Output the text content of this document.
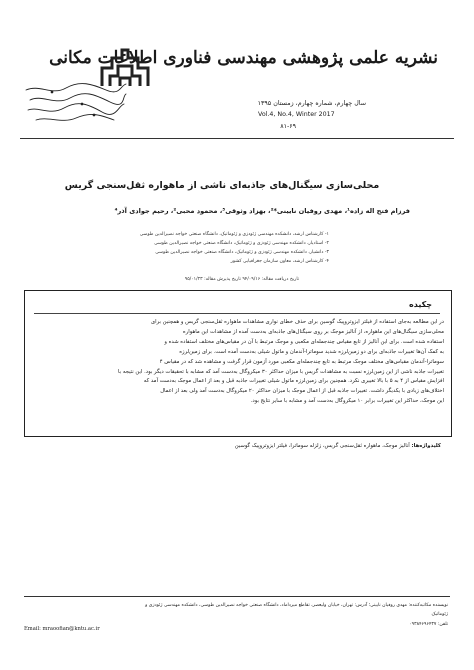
نشریه علمی پژوهشی مهندسی فناوری اطلاعات مکانی
سال چهارم، شماره چهارم، زمستان ۱۳۹۵
Vol.4, No.4, Winter 2017
۸۱-۶۹
محلی‌سازی سیگنال‌های جاذبه‌ای ناشی از ماهواره ثقل‌سنجی گریس
فرزام فتح اله زاده¹، مهدی روفیان نایینی*²، بهزاد وثوقی³، محمود محبی²، رحیم جوادی آذر⁴
۱- کارشناس ارشد، دانشکده مهندسی ژئودزی و ژئوماتیک، دانشگاه صنعتی خواجه نصیرالدین طوسی
۲- استادیار، دانشکده مهندسی ژئودزی و ژئوماتیک، دانشگاه صنعتی خواجه نصیرالدین طوسی
۳- دانشیار، دانشکده مهندسی ژئودزی و ژئوماتیک، دانشگاه صنعتی خواجه نصیرالدین طوسی
۴- کارشناس ارشد، معاون سازمان جغرافیایی کشور
تاریخ دریافت مقاله: ۹۴/۰۹/۱۶ تاریخ پذیرش مقاله: ۹۵/۰۱/۲۳
چکیده
در این مطالعه به‌جای استفاده از فیلتر ایزوتروپیک گوسین برای حذف خطای نواری مشاهدات ماهواره ثقل‌سنجی گریس و همچنین برای
محلی‌سازی سیگنال‌های این ماهواره، از آنالیز موجک بر روی سیگنال‌های جاذبه‌ای به‌دست آمده از مشاهدات این ماهواره
استفاده شده است. برای این آنالیز از تابع مقیاس چندجمله‌ای مکعبی و موجک مرتبط با آن در مقیاس‌های مختلف استفاده شده و
به کمک آن‌ها تغییرات جاذبه‌ای برای دو زمین‌لرزه شدید سوماترا-آندمان و ماتول شیلی به‌دست آمده است. برای زمین‌لرزه
سوماترا-آندمان مقیاس‌های مختلف موجک مرتبط به تابع چندجمله‌ای مکعبی مورد آزمون قرار گرفت و مشاهده شد که در مقیاس ۴
تغییرات جاذبه ناشی از این زمین‌لرزه نسبت به مشاهدات گریس با میزان حداکثر ۳۰ میکروگال به‌دست آمد که مشابه با تحقیقات دیگر بود. این نتیجه با
افزایش مقیاس از ۴ به ۵ با بالا تغییری نکرد. همچنین برای زمین‌لرزه ماتول شیلی تغییرات جاذبه قبل و بعد از اعمال موجک به‌دست آمد که
اختلاف‌های زیادی با یکدیگر داشت. تغییرات جاذبه قبل از اعمال موجک با میزان حداکثر ۲۰ میکروگال به‌دست آمد ولی بعد از اعمال
این موجک، حداکثر این تغییرات برابر ۱۰ میکروگال به‌دست آمد و مشابه با سایر نتایج بود.
کلیدواژه‌ها: آنالیز موجک، ماهواره ثقل‌سنجی گریس، زلزله سوماترا، فیلتر ایزوتروپیک گوسین
نویسنده مکاتبه‌کننده: مهدی روفیان نایینی؛ آدرس: تهران، خیابان ولیعصر، تقاطع میرداماد، دانشگاه صنعتی خواجه نصیرالدین طوسی، دانشکده مهندسی ژئودزی و
ژئوماتیک
تلفن: ۰۹۳۸۴۶۹۶۴۳۷
Email: mraoofian@kntu.ac.ir
